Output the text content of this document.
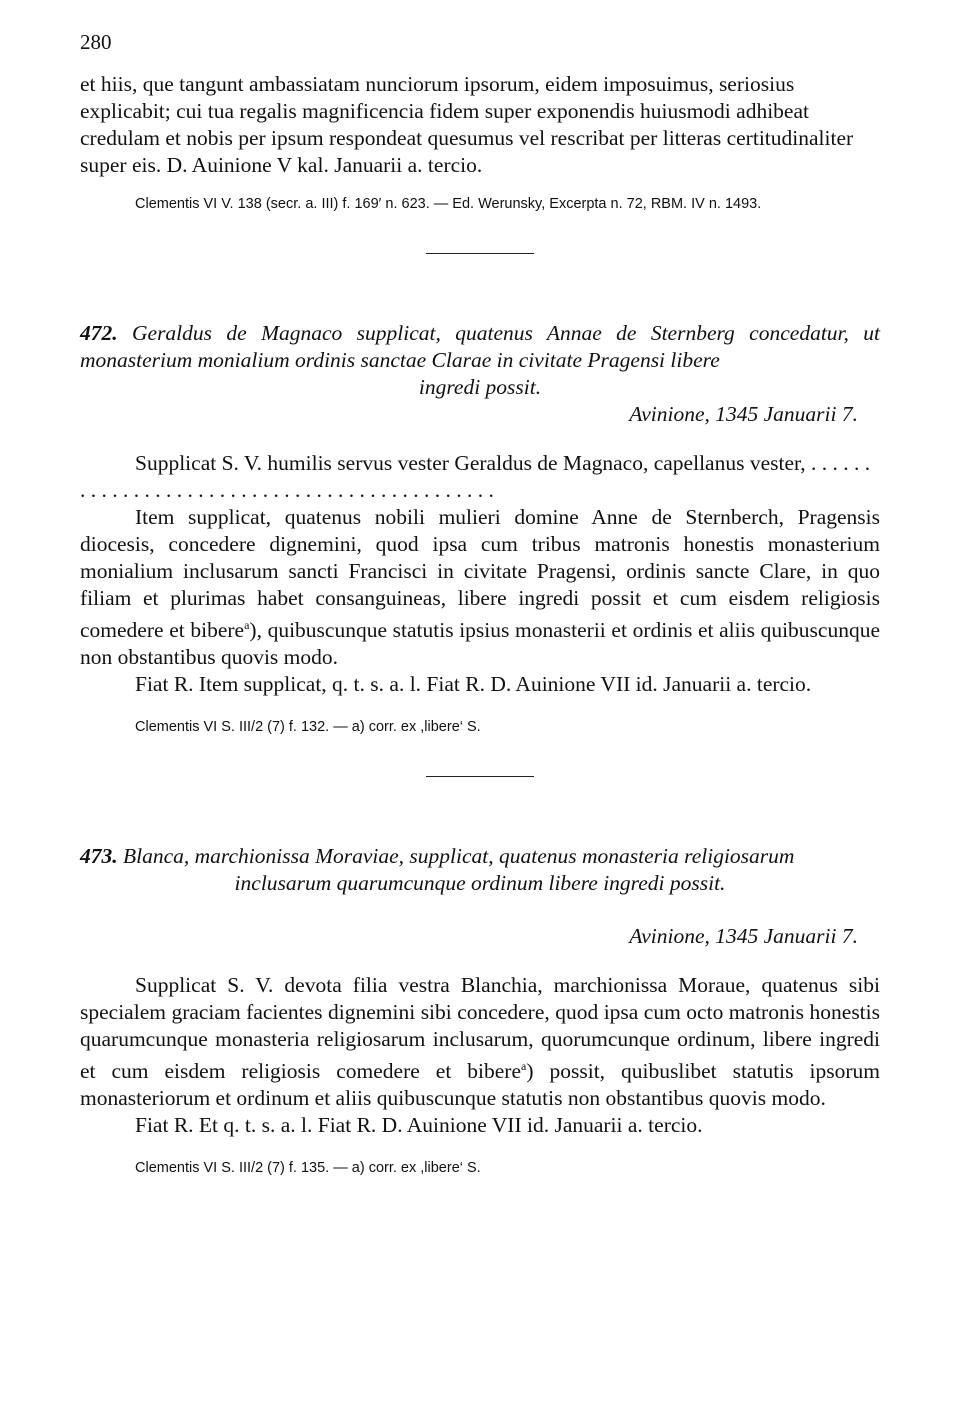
280

et hiis, que tangunt ambassiatam nunciorum ipsorum, eidem imposuimus, seriosius explicabit; cui tua regalis magnificencia fidem super exponendis huiusmodi adhibeat credulam et nobis per ipsum respondeat quesumus vel rescribat per litteras certitudinaliter super eis. D. Auinione V kal. Januarii a. tercio.

Clementis VI V. 138 (secr. a. III) f. 169′ n. 623. — Ed. Werunsky, Excerpta n. 72, RBM. IV n. 1493.

472. Geraldus de Magnaco supplicat, quatenus Annae de Sternberg concedatur, ut monasterium monialium ordinis sanctae Clarae in civitate Pragensi libere

ingredi possit.

Avinione, 1345 Januarii 7.

Supplicat S. V. humilis servus vester Geraldus de Magnaco, capellanus vester, . . . . . . . . . . . . . . . . . . . . . . . . . . . . . . . . . . . . . . . . . . . . .

Item supplicat, quatenus nobili mulieri domine Anne de Sternberch, Pragensis diocesis, concedere dignemini, quod ipsa cum tribus matronis honestis monasterium monialium inclusarum sancti Francisci in civitate Pragensi, ordinis sancte Clare, in quo filiam et plurimas habet consanguineas, libere ingredi possit et cum eisdem religiosis comedere et bibere$^a$), quibuscunque statutis ipsius monasterii et ordinis et aliis quibuscunque non obstantibus quovis modo.

Fiat R. Item supplicat, q. t. s. a. l. Fiat R. D. Auinione VII id. Januarii a. tercio.

Clementis VI S. III/2 (7) f. 132. — a) corr. ex ,libere‘ S.

473. Blanca, marchionissa Moraviae, supplicat, quatenus monasteria religiosarum

inclusarum quarumcunque ordinum libere ingredi possit.

Avinione, 1345 Januarii 7.

Supplicat S. V. devota filia vestra Blanchia, marchionissa Moraue, quatenus sibi specialem graciam facientes dignemini sibi concedere, quod ipsa cum octo matronis honestis quarumcunque monasteria religiosarum inclusarum, quorumcunque ordinum, libere ingredi et cum eisdem religiosis comedere et bibere$^a$) possit, quibuslibet statutis ipsorum monasteriorum et ordinum et aliis quibuscunque statutis non obstantibus quovis modo.

Fiat R. Et q. t. s. a. l. Fiat R. D. Auinione VII id. Januarii a. tercio.

Clementis VI S. III/2 (7) f. 135. — a) corr. ex ,libere‘ S.
